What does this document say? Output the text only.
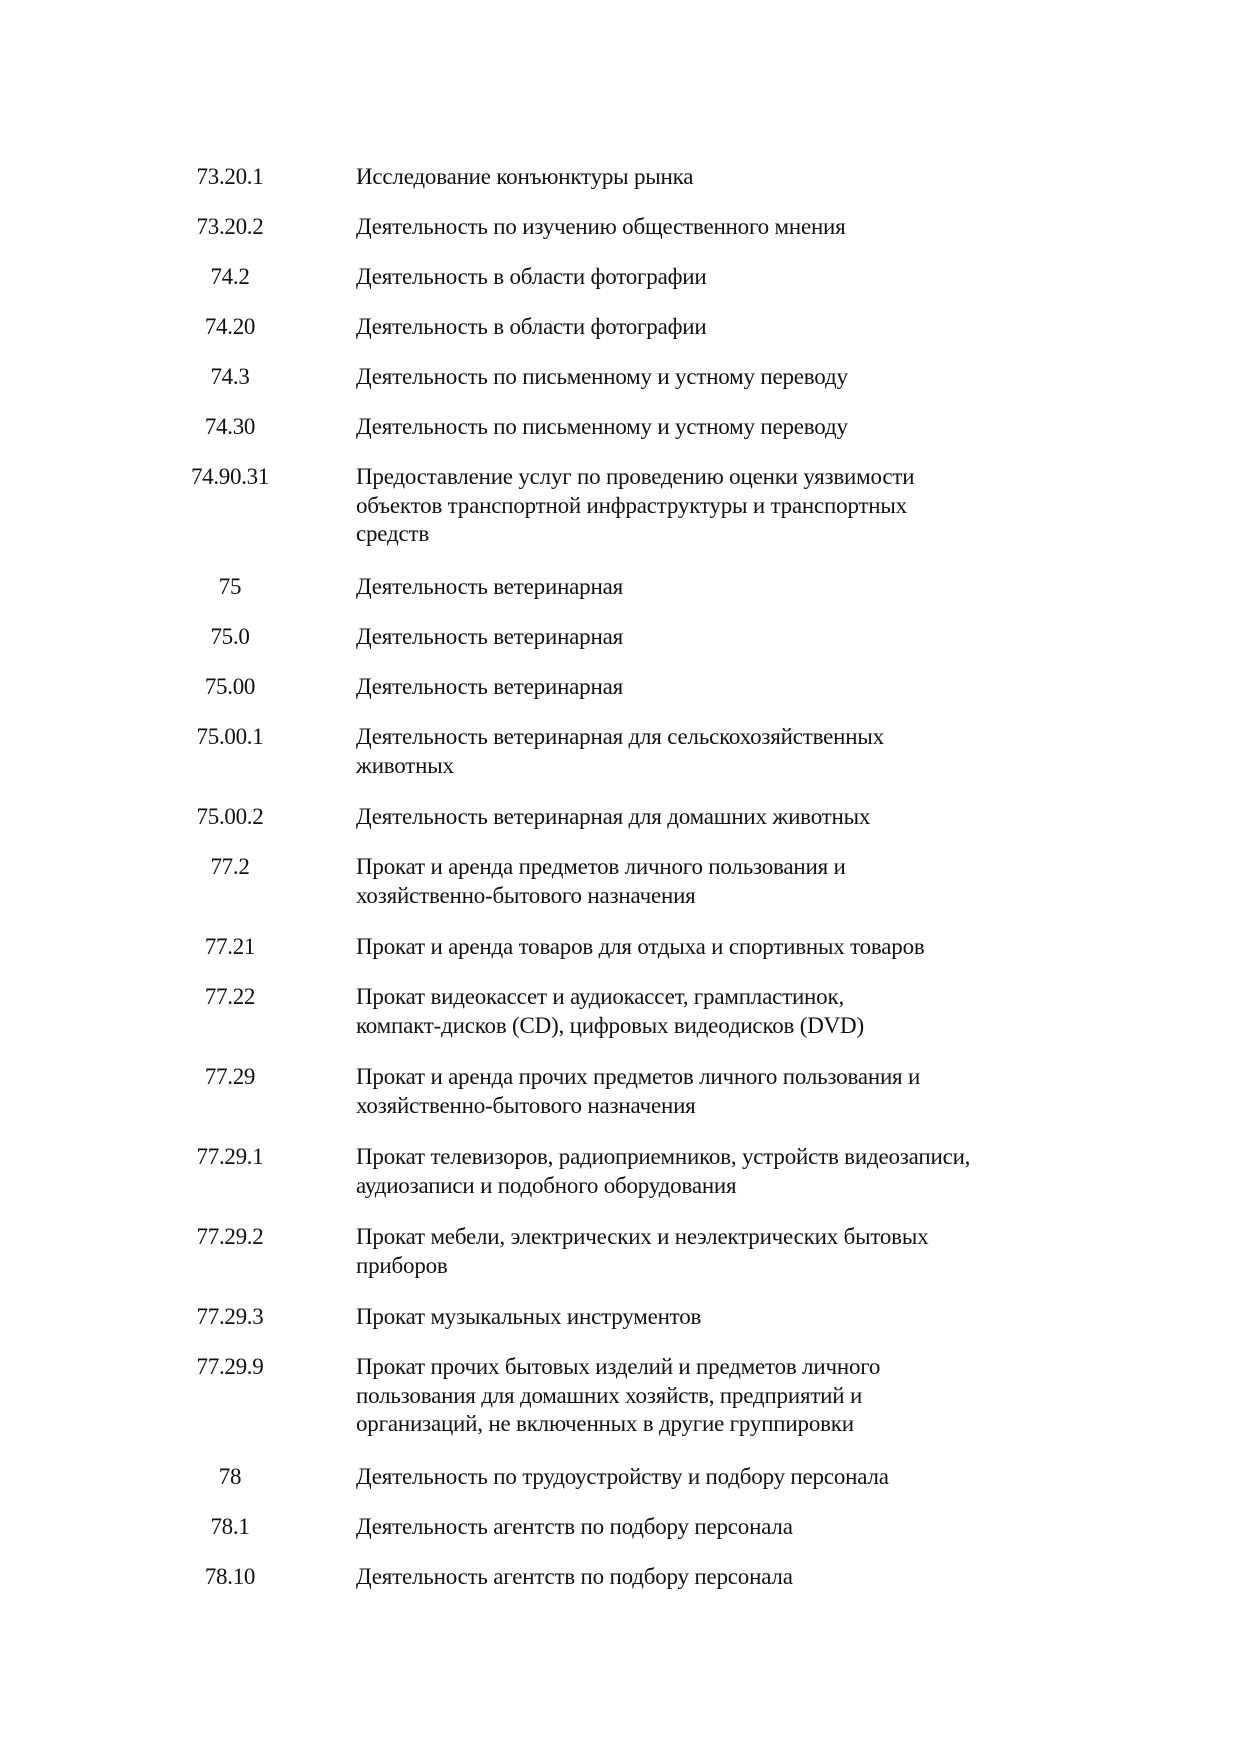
73.20.1	Исследование конъюнктуры рынка
73.20.2	Деятельность по изучению общественного мнения
74.2	Деятельность в области фотографии
74.20	Деятельность в области фотографии
74.3	Деятельность по письменному и устному переводу
74.30	Деятельность по письменному и устному переводу
74.90.31	Предоставление услуг по проведению оценки уязвимости
объектов транспортной инфраструктуры и транспортных
средств
75	Деятельность ветеринарная
75.0	Деятельность ветеринарная
75.00	Деятельность ветеринарная
75.00.1	Деятельность ветеринарная для сельскохозяйственных
животных
75.00.2	Деятельность ветеринарная для домашних животных
77.2	Прокат и аренда предметов личного пользования и
хозяйственно-бытового назначения
77.21	Прокат и аренда товаров для отдыха и спортивных товаров
77.22	Прокат видеокассет и аудиокассет, грампластинок,
компакт-дисков (CD), цифровых видеодисков (DVD)
77.29	Прокат и аренда прочих предметов личного пользования и
хозяйственно-бытового назначения
77.29.1	Прокат телевизоров, радиоприемников, устройств видеозаписи,
аудиозаписи и подобного оборудования
77.29.2	Прокат мебели, электрических и неэлектрических бытовых
приборов
77.29.3	Прокат музыкальных инструментов
77.29.9	Прокат прочих бытовых изделий и предметов личного
пользования для домашних хозяйств, предприятий и
организаций, не включенных в другие группировки
78	Деятельность по трудоустройству и подбору персонала
78.1	Деятельность агентств по подбору персонала
78.10	Деятельность агентств по подбору персонала
